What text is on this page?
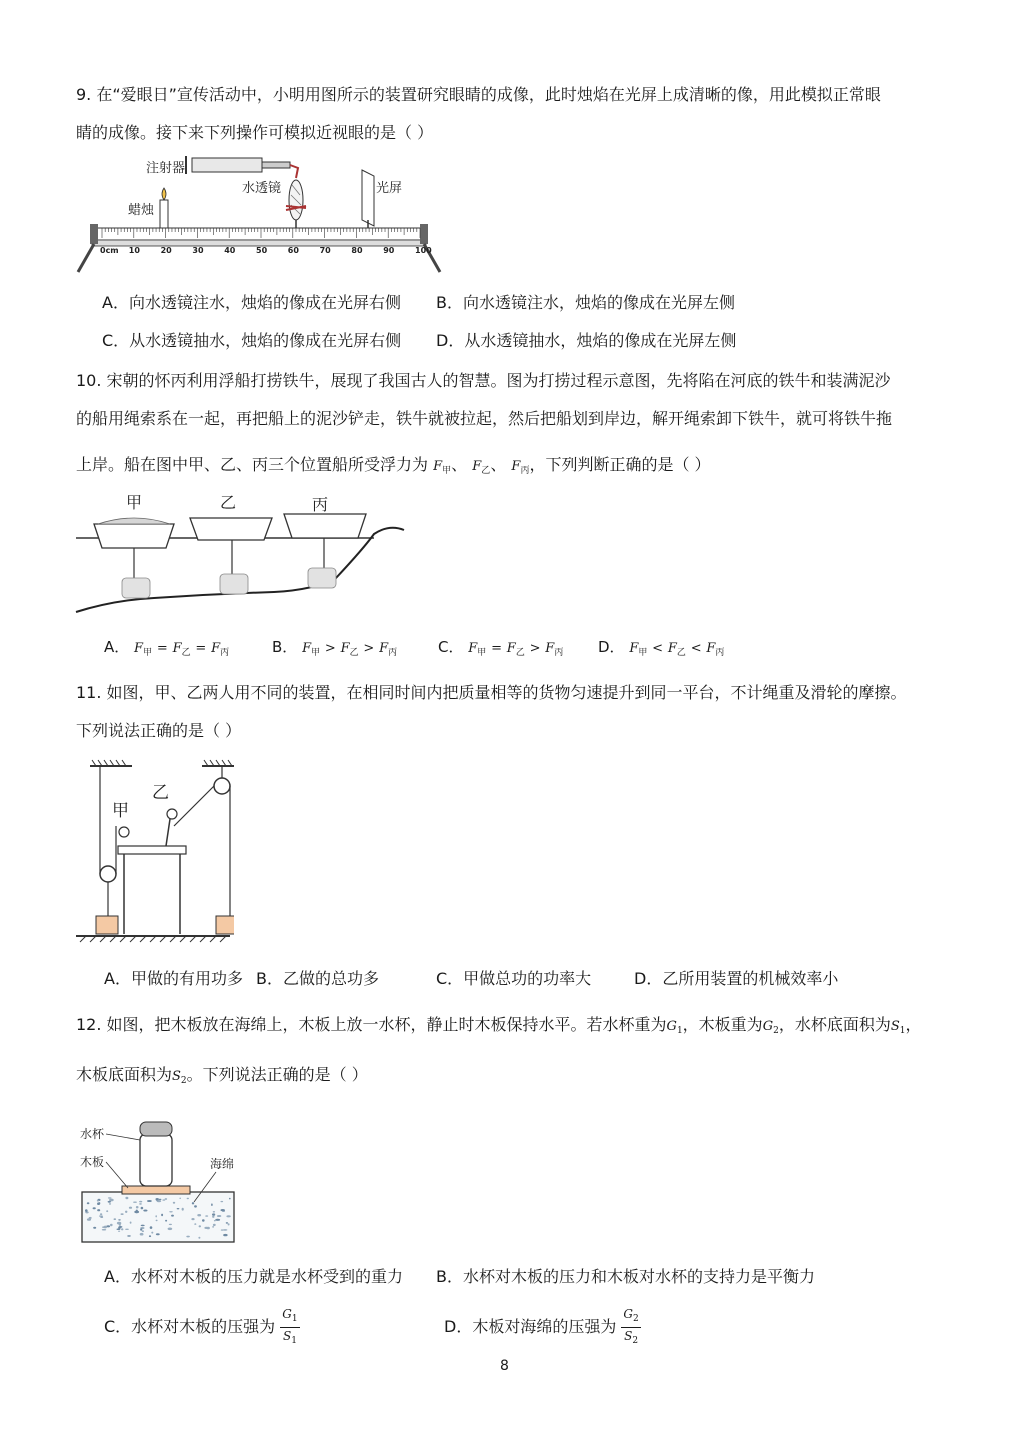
9. 在“爱眼日”宣传活动中，小明用图所示的装置研究眼睛的成像，此时烛焰在光屏上成清晰的像，用此模拟正常眼
睛的成像。接下来下列操作可模拟近视眼的是（ ）
注射器
蜡烛
水透镜	光屏
0cm 10	20	30	40	50	60	70	80	90	100
A．向水透镜注水，烛焰的像成在光屏右侧 B．向水透镜注水，烛焰的像成在光屏左侧
C．从水透镜抽水，烛焰的像成在光屏右侧 D．从水透镜抽水，烛焰的像成在光屏左侧
10. 宋朝的怀丙利用浮船打捞铁牛，展现了我国古人的智慧。图为打捞过程示意图，先将陷在河底的铁牛和装满泥沙
的船用绳索系在一起，再把船上的泥沙铲走，铁牛就被拉起，然后把船划到岸边，解开绳索卸下铁牛，就可将铁牛拖
上岸。船在图中甲、乙、丙三个位置船所受浮力为 $F_甲$、 $F_乙$、 $F_丙$，下列判断正确的是（ ）
甲	乙	丙
A． $F_甲 = F_乙 = F_丙$	B． $F_甲 > F_乙 > F_丙$	C． $F_甲 = F_乙 > F_丙$ D． $F_甲 < F_乙 < F_丙$
11. 如图，甲、乙两人用不同的装置，在相同时间内把质量相等的货物匀速提升到同一平台，不计绳重及滑轮的摩擦。
下列说法正确的是（ ）
甲
乙
A．甲做的有用功多 B．乙做的总功多	C．甲做总功的功率大	D．乙所用装置的机械效率小
12. 如图，把木板放在海绵上，木板上放一水杯，静止时木板保持水平。若水杯重为$G_1$，木板重为$G_2$，水杯底面积为$S_1$，
木板底面积为$S_2$。下列说法正确的是（ ）
水杯
木板	海绵
A．水杯对木板的压力就是水杯受到的重力 B．水杯对木板的压力和木板对水杯的支持力是平衡力
C．水杯对木板的压强为 $\frac{G_1}{S_1}$	D．木板对海绵的压强为 $\frac{G_2}{S_2}$
8
